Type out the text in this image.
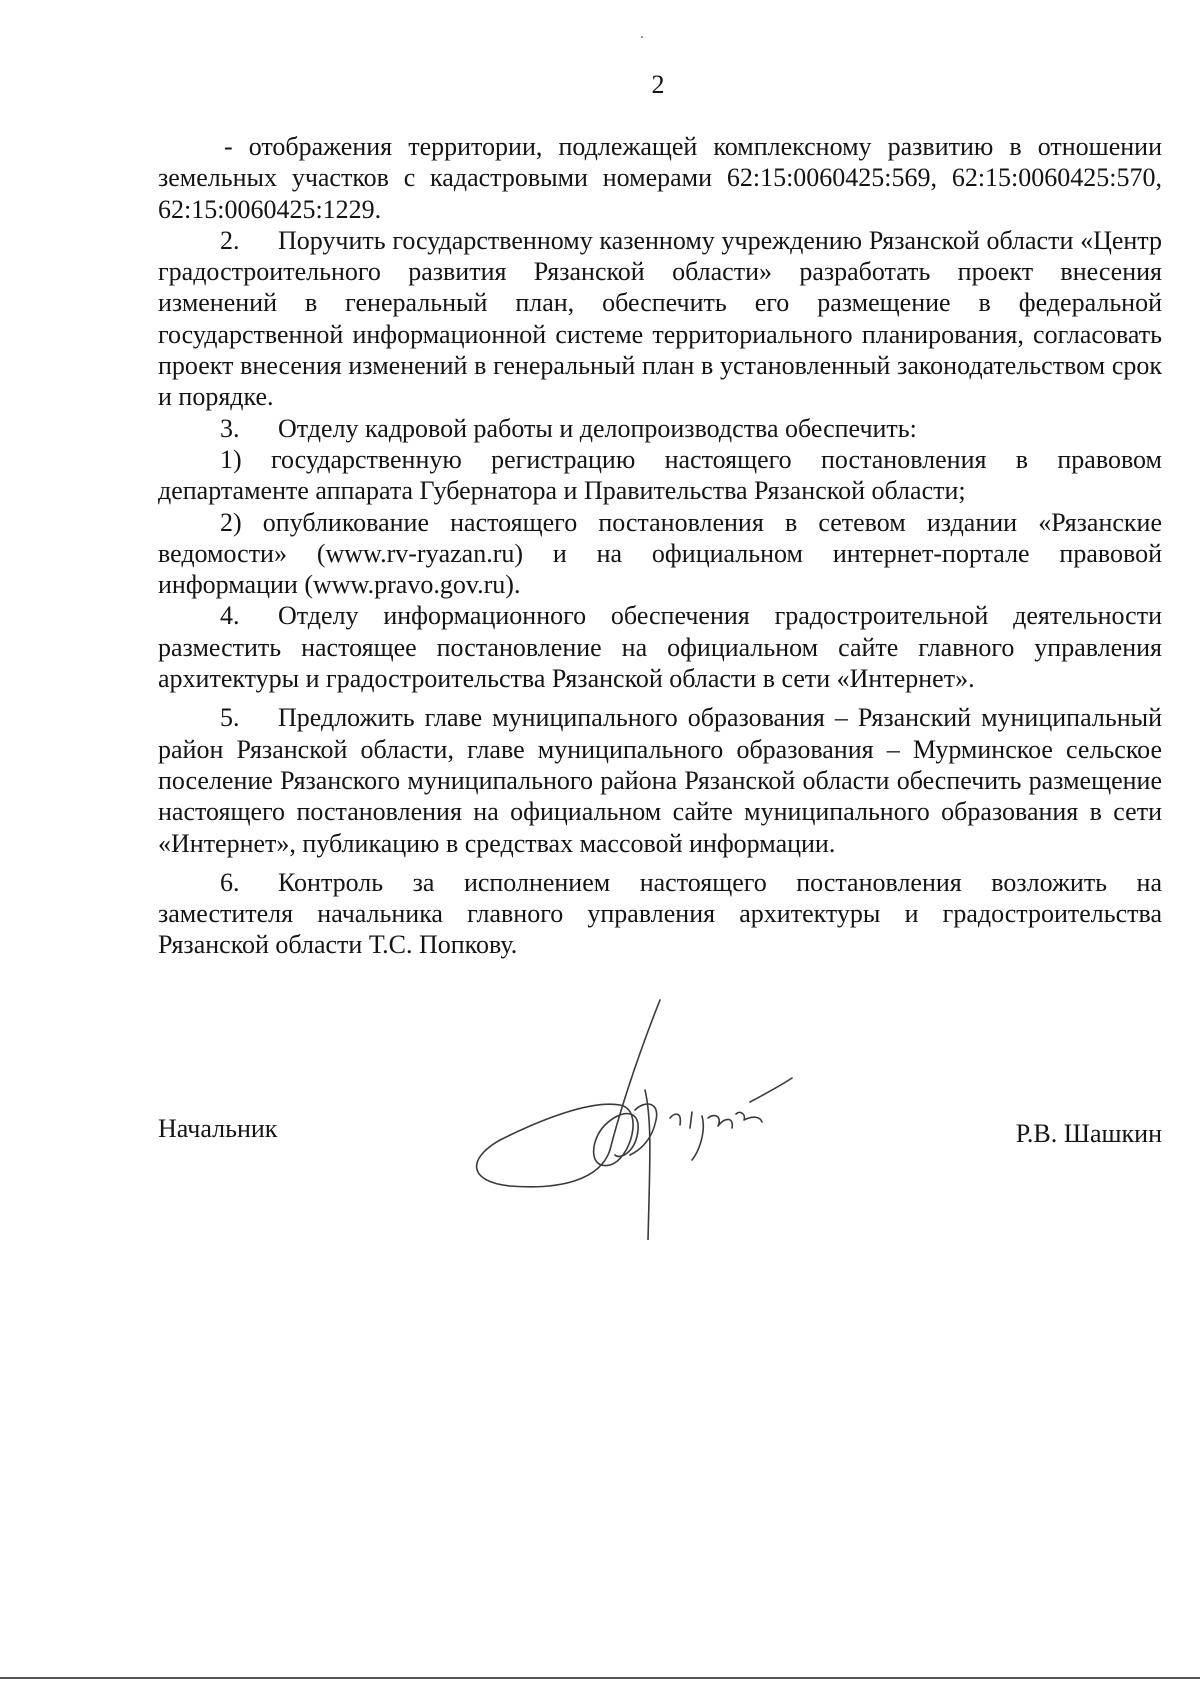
2

- отображения территории, подлежащей комплексному развитию в отношении земельных участков с кадастровыми номерами 62:15:0060425:569, 62:15:0060425:570, 62:15:0060425:1229.

2. Поручить государственному казенному учреждению Рязанской области «Центр градостроительного развития Рязанской области» разработать проект внесения изменений в генеральный план, обеспечить его размещение в федеральной государственной информационной системе территориального планирования, согласовать проект внесения изменений в генеральный план в установленный законодательством срок и порядке.

3. Отделу кадровой работы и делопроизводства обеспечить:

1) государственную регистрацию настоящего постановления в правовом департаменте аппарата Губернатора и Правительства Рязанской области;

2) опубликование настоящего постановления в сетевом издании «Рязанские ведомости» (www.rv-ryazan.ru) и на официальном интернет-портале правовой информации (www.pravo.gov.ru).

4. Отделу информационного обеспечения градостроительной деятельности разместить настоящее постановление на официальном сайте главного управления архитектуры и градостроительства Рязанской области в сети «Интернет».

5. Предложить главе муниципального образования – Рязанский муниципальный район Рязанской области, главе муниципального образования – Мурминское сельское поселение Рязанского муниципального района Рязанской области обеспечить размещение настоящего постановления на официальном сайте муниципального образования в сети «Интернет», публикацию в средствах массовой информации.

6. Контроль за исполнением настоящего постановления возложить на заместителя начальника главного управления архитектуры и градостроительства Рязанской области Т.С. Попкову.

Начальник	Р.В. Шашкин
